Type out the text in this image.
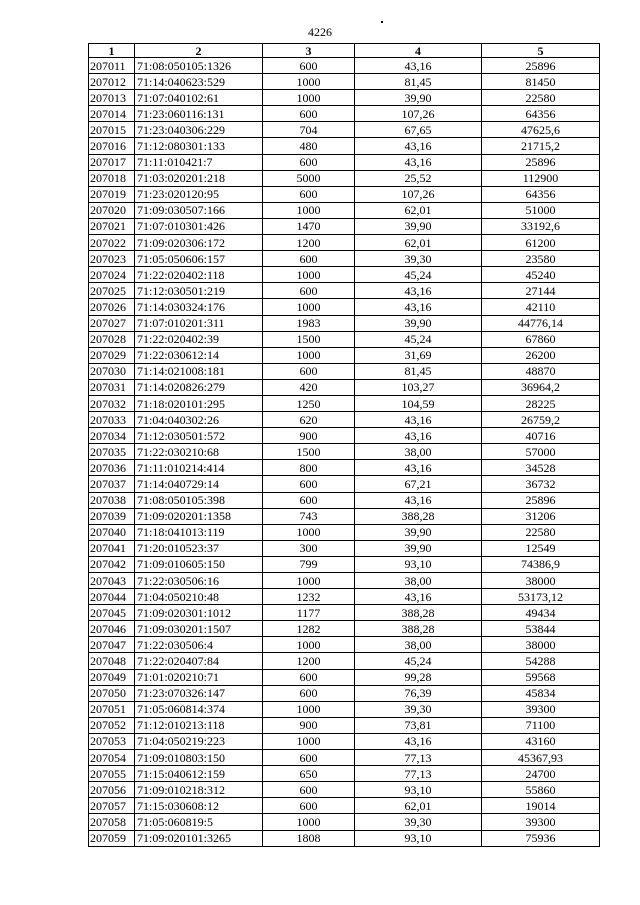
4226
1	2	3	4	5
207011	71:08:050105:1326	600	43,16	25896
207012	71:14:040623:529	1000	81,45	81450
207013	71:07:040102:61	1000	39,90	22580
207014	71:23:060116:131	600	107,26	64356
207015	71:23:040306:229	704	67,65	47625,6
207016	71:12:080301:133	480	43,16	21715,2
207017	71:11:010421:7	600	43,16	25896
207018	71:03:020201:218	5000	25,52	112900
207019	71:23:020120:95	600	107,26	64356
207020	71:09:030507:166	1000	62,01	51000
207021	71:07:010301:426	1470	39,90	33192,6
207022	71:09:020306:172	1200	62,01	61200
207023	71:05:050606:157	600	39,30	23580
207024	71:22:020402:118	1000	45,24	45240
207025	71:12:030501:219	600	43,16	27144
207026	71:14:030324:176	1000	43,16	42110
207027	71:07:010201:311	1983	39,90	44776,14
207028	71:22:020402:39	1500	45,24	67860
207029	71:22:030612:14	1000	31,69	26200
207030	71:14:021008:181	600	81,45	48870
207031	71:14:020826:279	420	103,27	36964,2
207032	71:18:020101:295	1250	104,59	28225
207033	71:04:040302:26	620	43,16	26759,2
207034	71:12:030501:572	900	43,16	40716
207035	71:22:030210:68	1500	38,00	57000
207036	71:11:010214:414	800	43,16	34528
207037	71:14:040729:14	600	67,21	36732
207038	71:08:050105:398	600	43,16	25896
207039	71:09:020201:1358	743	388,28	31206
207040	71:18:041013:119	1000	39,90	22580
207041	71:20:010523:37	300	39,90	12549
207042	71:09:010605:150	799	93,10	74386,9
207043	71:22:030506:16	1000	38,00	38000
207044	71:04:050210:48	1232	43,16	53173,12
207045	71:09:020301:1012	1177	388,28	49434
207046	71:09:030201:1507	1282	388,28	53844
207047	71:22:030506:4	1000	38,00	38000
207048	71:22:020407:84	1200	45,24	54288
207049	71:01:020210:71	600	99,28	59568
207050	71:23:070326:147	600	76,39	45834
207051	71:05:060814:374	1000	39,30	39300
207052	71:12:010213:118	900	73,81	71100
207053	71:04:050219:223	1000	43,16	43160
207054	71:09:010803:150	600	77,13	45367,93
207055	71:15:040612:159	650	77,13	24700
207056	71:09:010218:312	600	93,10	55860
207057	71:15:030608:12	600	62,01	19014
207058	71:05:060819:5	1000	39,30	39300
207059	71:09:020101:3265	1808	93,10	75936
